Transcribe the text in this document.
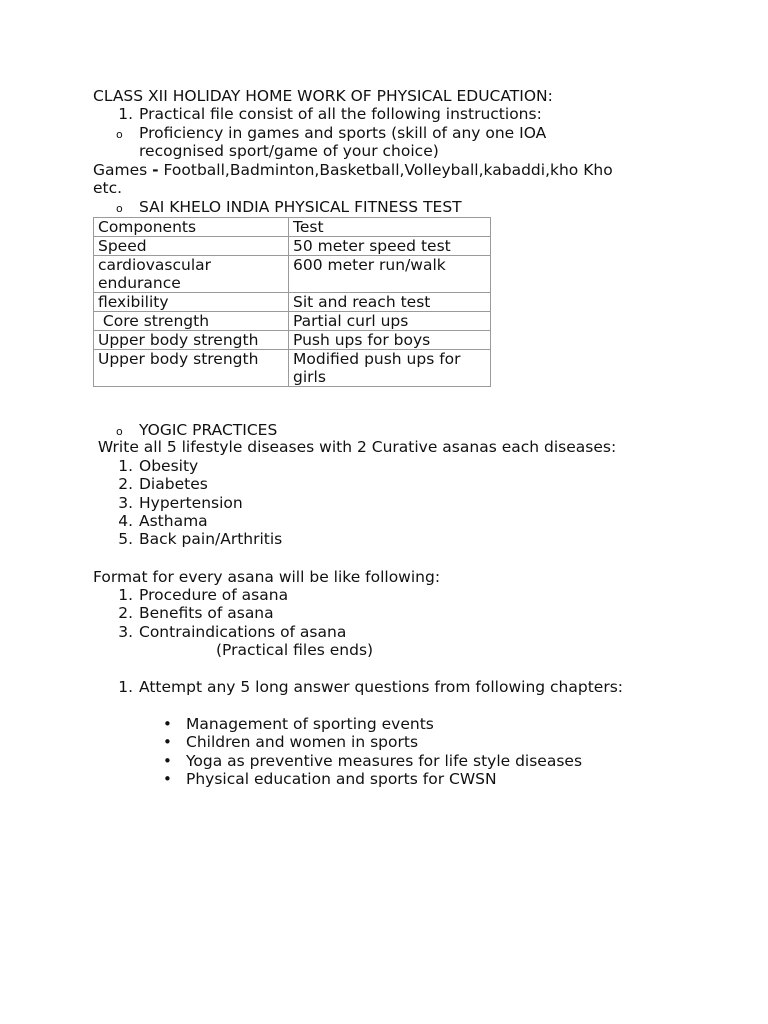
CLASS XII HOLIDAY HOME WORK OF PHYSICAL EDUCATION:
1. Practical file consist of all the following instructions:
o Proficiency in games and sports (skill of any one IOA
recognised sport/game of your choice)
Games - Football,Badminton,Basketball,Volleyball,kabaddi,kho Kho
etc.
o SAI KHELO INDIA PHYSICAL FITNESS TEST
Components	Test
Speed	50 meter speed test
cardiovascular endurance	600 meter run/walk
flexibility	Sit and reach test
Core strength	Partial curl ups
Upper body strength	Push ups for boys
Upper body strength	Modified push ups for girls
o YOGIC PRACTICES
Write all 5 lifestyle diseases with 2 Curative asanas each diseases:
1. Obesity
2. Diabetes
3. Hypertension
4. Asthama
5. Back pain/Arthritis
Format for every asana will be like following:
1. Procedure of asana
2. Benefits of asana
3. Contraindications of asana
(Practical files ends)
1. Attempt any 5 long answer questions from following chapters:
• Management of sporting events
• Children and women in sports
• Yoga as preventive measures for life style diseases
• Physical education and sports for CWSN
